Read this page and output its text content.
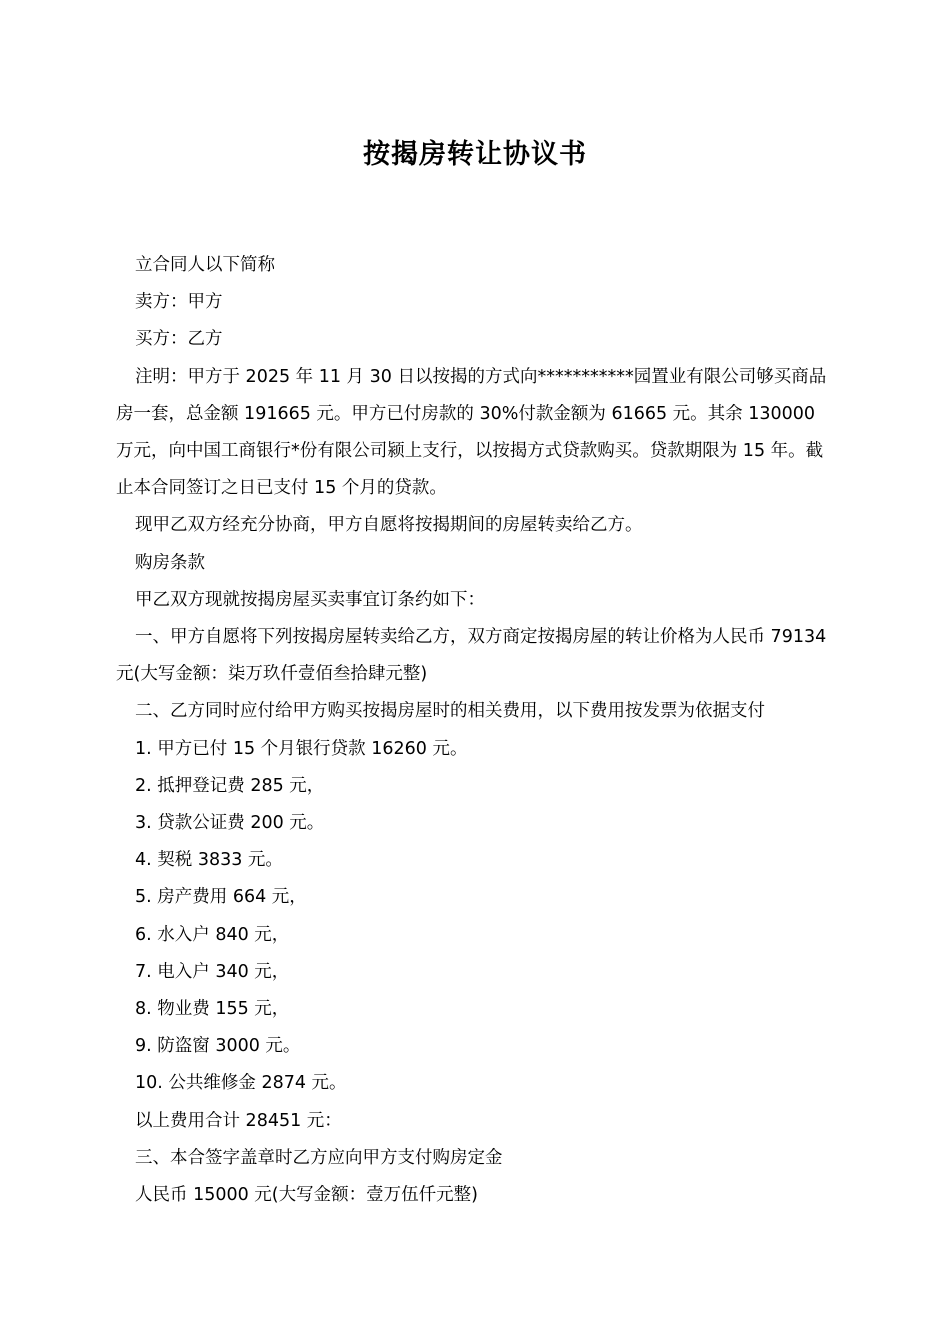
按揭房转让协议书

立合同人以下简称

卖方：甲方

买方：乙方

注明：甲方于 2025 年 11 月 30 日以按揭的方式向***********园置业有限公司够买商品房一套，总金额 191665 元。甲方已付房款的 30%付款金额为 61665 元。其余 130000 万元，向中国工商银行*份有限公司颍上支行，以按揭方式贷款购买。贷款期限为 15 年。截止本合同签订之日已支付 15 个月的贷款。

现甲乙双方经充分协商，甲方自愿将按揭期间的房屋转卖给乙方。

购房条款

甲乙双方现就按揭房屋买卖事宜订条约如下：

一、甲方自愿将下列按揭房屋转卖给乙方，双方商定按揭房屋的转让价格为人民币 79134 元(大写金额：柒万玖仟壹佰叁拾肆元整)

二、乙方同时应付给甲方购买按揭房屋时的相关费用，以下费用按发票为依据支付

1. 甲方已付 15 个月银行贷款 16260 元。

2. 抵押登记费 285 元，

3. 贷款公证费 200 元。

4. 契税 3833 元。

5. 房产费用 664 元，

6. 水入户 840 元，

7. 电入户 340 元，

8. 物业费 155 元，

9. 防盗窗 3000 元。

10. 公共维修金 2874 元。

以上费用合计 28451 元：

三、本合签字盖章时乙方应向甲方支付购房定金

人民币 15000 元(大写金额：壹万伍仟元整)
